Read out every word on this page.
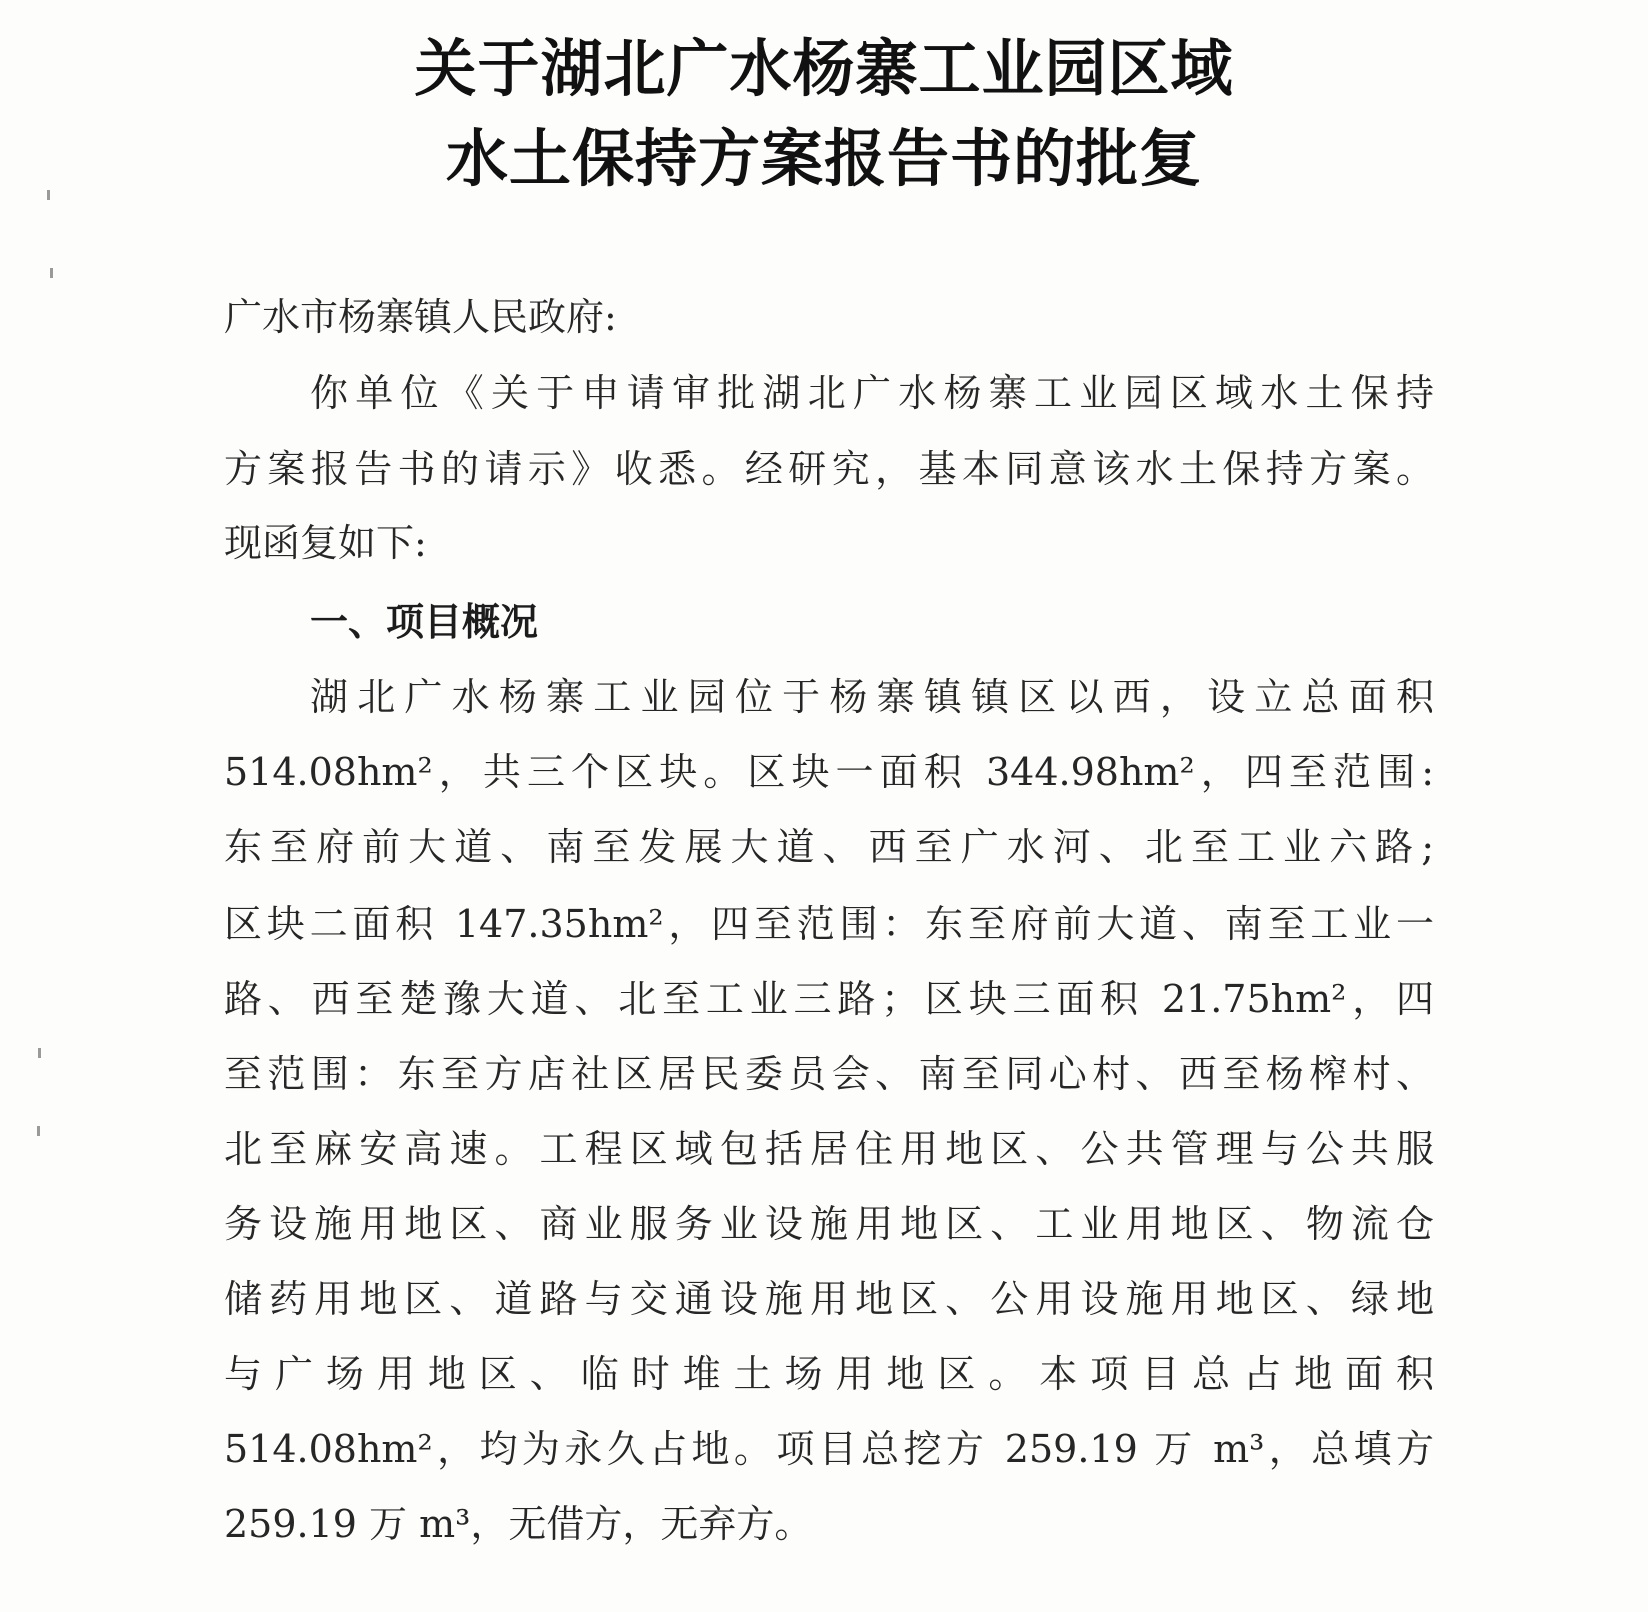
关于湖北广水杨寨工业园区域
水土保持方案报告书的批复
广水市杨寨镇人民政府:
你单位《关于申请审批湖北广水杨寨工业园区域水土保持
方案报告书的请示》收悉。经研究，基本同意该水土保持方案。
现函复如下:
一、项目概况
湖北广水杨寨工业园位于杨寨镇镇区以西，设立总面积
514.08hm²，共三个区块。区块一面积 344.98hm²，四至范围:
东至府前大道、南至发展大道、西至广水河、北至工业六路;
区块二面积 147.35hm²，四至范围：东至府前大道、南至工业一
路、西至楚豫大道、北至工业三路；区块三面积 21.75hm²，四
至范围：东至方店社区居民委员会、南至同心村、西至杨榨村、
北至麻安高速。工程区域包括居住用地区、公共管理与公共服
务设施用地区、商业服务业设施用地区、工业用地区、物流仓
储药用地区、道路与交通设施用地区、公用设施用地区、绿地
与广场用地区、临时堆土场用地区。本项目总占地面积
514.08hm²，均为永久占地。项目总挖方 259.19 万 m³，总填方
259.19 万 m³，无借方，无弃方。
